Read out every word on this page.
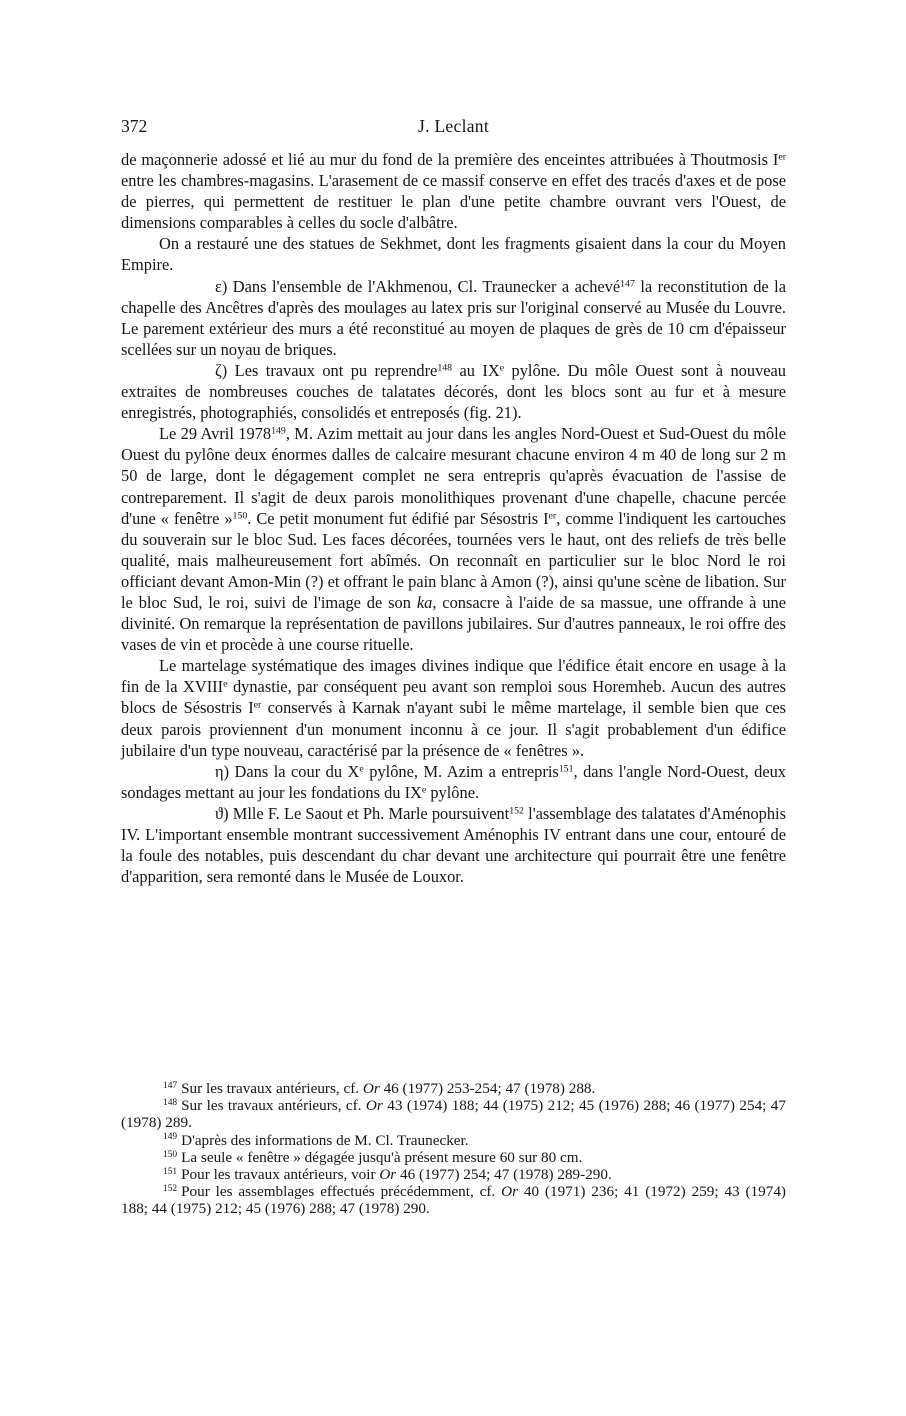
372	J. Leclant

de maçonnerie adossé et lié au mur du fond de la première des enceintes attribuées à Thoutmosis Ier entre les chambres-magasins. L'arasement de ce massif conserve en effet des tracés d'axes et de pose de pierres, qui permettent de restituer le plan d'une petite chambre ouvrant vers l'Ouest, de dimensions comparables à celles du socle d'albâtre.

On a restauré une des statues de Sekhmet, dont les fragments gisaient dans la cour du Moyen Empire.

ε) Dans l'ensemble de l'Akhmenou, Cl. Traunecker a achevé$^{147}$ la reconstitution de la chapelle des Ancêtres d'après des moulages au latex pris sur l'original conservé au Musée du Louvre. Le parement extérieur des murs a été reconstitué au moyen de plaques de grès de 10 cm d'épaisseur scellées sur un noyau de briques.

ζ) Les travaux ont pu reprendre$^{148}$ au IXe pylône. Du môle Ouest sont à nouveau extraites de nombreuses couches de talatates décorés, dont les blocs sont au fur et à mesure enregistrés, photographiés, consolidés et entreposés (fig. 21).

Le 29 Avril 1978$^{149}$, M. Azim mettait au jour dans les angles Nord-Ouest et Sud-Ouest du môle Ouest du pylône deux énormes dalles de calcaire mesurant chacune environ 4 m 40 de long sur 2 m 50 de large, dont le dégagement complet ne sera entrepris qu'après évacuation de l'assise de contreparement. Il s'agit de deux parois monolithiques provenant d'une chapelle, chacune percée d'une « fenêtre »$^{150}$. Ce petit monument fut édifié par Sésostris Ier, comme l'indiquent les cartouches du souverain sur le bloc Sud. Les faces décorées, tournées vers le haut, ont des reliefs de très belle qualité, mais malheureusement fort abîmés. On reconnaît en particulier sur le bloc Nord le roi officiant devant Amon-Min (?) et offrant le pain blanc à Amon (?), ainsi qu'une scène de libation. Sur le bloc Sud, le roi, suivi de l'image de son ka, consacre à l'aide de sa massue, une offrande à une divinité. On remarque la représentation de pavillons jubilaires. Sur d'autres panneaux, le roi offre des vases de vin et procède à une course rituelle.

Le martelage systématique des images divines indique que l'édifice était encore en usage à la fin de la XVIIIe dynastie, par conséquent peu avant son remploi sous Horemheb. Aucun des autres blocs de Sésostris Ier conservés à Karnak n'ayant subi le même martelage, il semble bien que ces deux parois proviennent d'un monument inconnu à ce jour. Il s'agit probablement d'un édifice jubilaire d'un type nouveau, caractérisé par la présence de « fenêtres ».

η) Dans la cour du Xe pylône, M. Azim a entrepris$^{151}$, dans l'angle Nord-Ouest, deux sondages mettant au jour les fondations du IXe pylône.

ϑ) Mlle F. Le Saout et Ph. Marle poursuivent$^{152}$ l'assemblage des talatates d'Aménophis IV. L'important ensemble montrant successivement Aménophis IV entrant dans une cour, entouré de la foule des notables, puis descendant du char devant une architecture qui pourrait être une fenêtre d'apparition, sera remonté dans le Musée de Louxor.

$^{147}$ Sur les travaux antérieurs, cf. Or 46 (1977) 253-254; 47 (1978) 288.

$^{148}$ Sur les travaux antérieurs, cf. Or 43 (1974) 188; 44 (1975) 212; 45 (1976) 288; 46 (1977) 254; 47 (1978) 289.

$^{149}$ D'après des informations de M. Cl. Traunecker.

$^{150}$ La seule « fenêtre » dégagée jusqu'à présent mesure 60 sur 80 cm.

$^{151}$ Pour les travaux antérieurs, voir Or 46 (1977) 254; 47 (1978) 289-290.

$^{152}$ Pour les assemblages effectués précédemment, cf. Or 40 (1971) 236; 41 (1972) 259; 43 (1974) 188; 44 (1975) 212; 45 (1976) 288; 47 (1978) 290.
